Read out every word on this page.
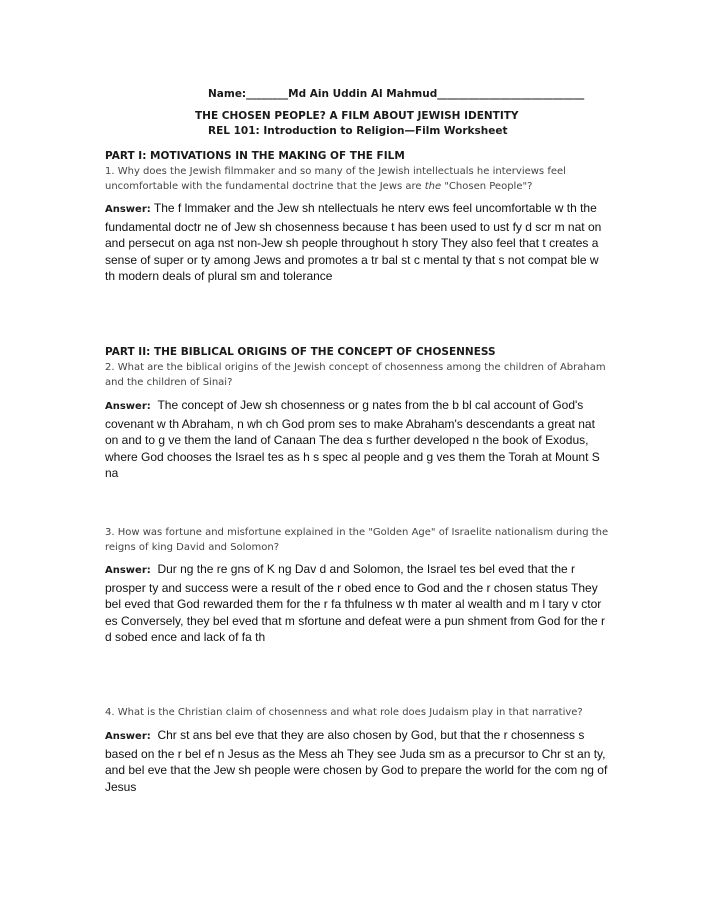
Name:________Md Ain Uddin Al Mahmud____________________________
THE CHOSEN PEOPLE? A FILM ABOUT JEWISH IDENTITY
REL 101: Introduction to Religion—Film Worksheet
PART I: MOTIVATIONS IN THE MAKING OF THE FILM
1. Why does the Jewish filmmaker and so many of the Jewish intellectuals he interviews feel uncomfortable with the fundamental doctrine that the Jews are the "Chosen People"?
Answer: The f lmmaker and the Jew sh ntellectuals he nterv ews feel uncomfortable w th the fundamental doctr ne of Jew sh chosenness because t has been used to ust fy d scr m nat on and persecut on aga nst non-Jew sh people throughout h story They also feel that t creates a sense of super or ty among Jews and promotes a tr bal st c mental ty that s not compat ble w th modern deals of plural sm and tolerance
PART II: THE BIBLICAL ORIGINS OF THE CONCEPT OF CHOSENNESS
2. What are the biblical origins of the Jewish concept of chosenness among the children of Abraham and the children of Sinai?
Answer: The concept of Jew sh chosenness or g nates from the b bl cal account of God's covenant w th Abraham, n wh ch God prom ses to make Abraham's descendants a great nat on and to g ve them the land of Canaan The dea s further developed n the book of Exodus, where God chooses the Israel tes as h s spec al people and g ves them the Torah at Mount S na
3. How was fortune and misfortune explained in the "Golden Age" of Israelite nationalism during the reigns of king David and Solomon?
Answer: Dur ng the re gns of K ng Dav d and Solomon, the Israel tes bel eved that the r prosper ty and success were a result of the r obed ence to God and the r chosen status They bel eved that God rewarded them for the r fa thfulness w th mater al wealth and m l tary v ctor es Conversely, they bel eved that m sfortune and defeat were a pun shment from God for the r d sobed ence and lack of fa th
4. What is the Christian claim of chosenness and what role does Judaism play in that narrative?
Answer: Chr st ans bel eve that they are also chosen by God, but that the r chosenness s based on the r bel ef n Jesus as the Mess ah They see Juda sm as a precursor to Chr st an ty, and bel eve that the Jew sh people were chosen by God to prepare the world for the com ng of Jesus
